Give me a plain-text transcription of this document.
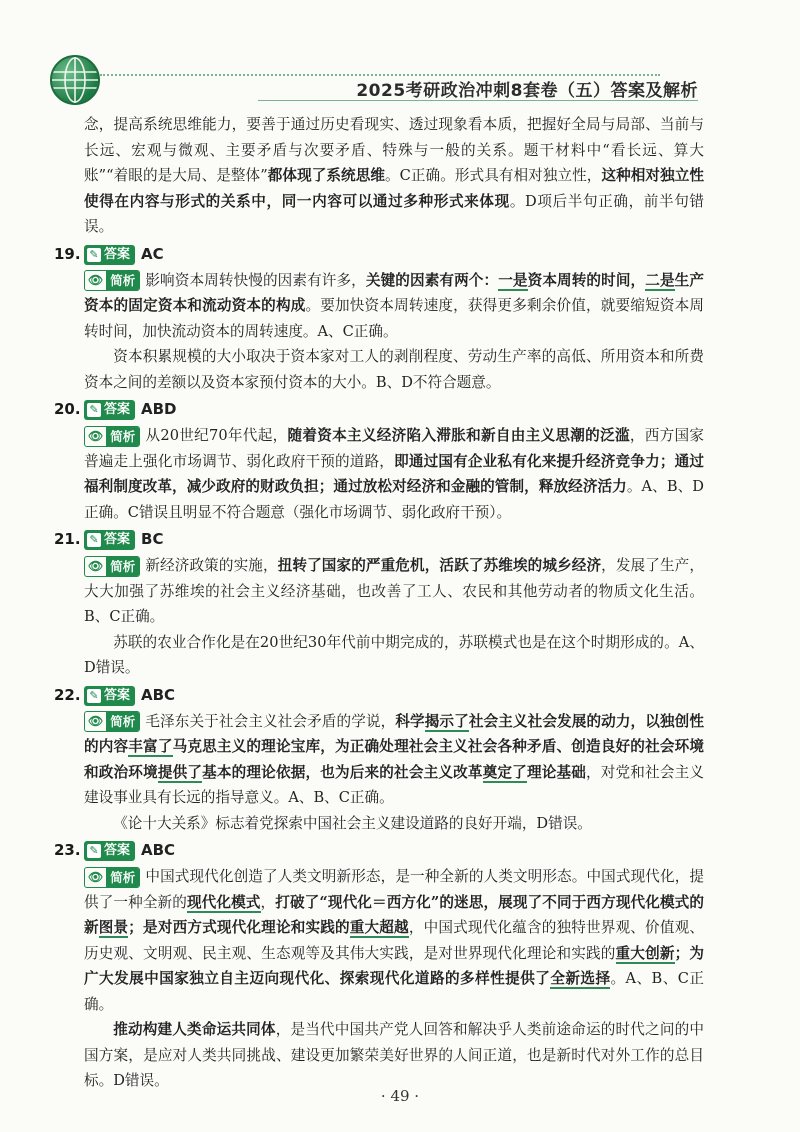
2025考研政治冲刺8套卷（五）答案及解析

念，提高系统思维能力，要善于通过历史看现实、透过现象看本质，把握好全局与局部、当前与长远、宏观与微观、主要矛盾与次要矛盾、特殊与一般的关系。题干材料中“看长远、算大账”“着眼的是大局、是整体”都体现了系统思维。C正确。形式具有相对独立性，这种相对独立性使得在内容与形式的关系中，同一内容可以通过多种形式来体现。D项后半句正确，前半句错误。

19. ✎ 答案 AC

👁 简析 影响资本周转快慢的因素有许多，关键的因素有两个：一是资本周转的时间，二是生产资本的固定资本和流动资本的构成。要加快资本周转速度，获得更多剩余价值，就要缩短资本周转时间，加快流动资本的周转速度。A、C正确。

资本积累规模的大小取决于资本家对工人的剥削程度、劳动生产率的高低、所用资本和所费资本之间的差额以及资本家预付资本的大小。B、D不符合题意。

20. ✎ 答案 ABD

👁 简析 从20世纪70年代起，随着资本主义经济陷入滞胀和新自由主义思潮的泛滥，西方国家普遍走上强化市场调节、弱化政府干预的道路，即通过国有企业私有化来提升经济竞争力；通过福利制度改革，减少政府的财政负担；通过放松对经济和金融的管制，释放经济活力。A、B、D正确。C错误且明显不符合题意（强化市场调节、弱化政府干预）。

21. ✎ 答案 BC

👁 简析 新经济政策的实施，扭转了国家的严重危机，活跃了苏维埃的城乡经济，发展了生产，大大加强了苏维埃的社会主义经济基础，也改善了工人、农民和其他劳动者的物质文化生活。B、C正确。

苏联的农业合作化是在20世纪30年代前中期完成的，苏联模式也是在这个时期形成的。A、D错误。

22. ✎ 答案 ABC

👁 简析 毛泽东关于社会主义社会矛盾的学说，科学揭示了社会主义社会发展的动力，以独创性的内容丰富了马克思主义的理论宝库，为正确处理社会主义社会各种矛盾、创造良好的社会环境和政治环境提供了基本的理论依据，也为后来的社会主义改革奠定了理论基础，对党和社会主义建设事业具有长远的指导意义。A、B、C正确。

《论十大关系》标志着党探索中国社会主义建设道路的良好开端，D错误。

23. ✎ 答案 ABC

👁 简析 中国式现代化创造了人类文明新形态，是一种全新的人类文明形态。中国式现代化，提供了一种全新的现代化模式，打破了“现代化＝西方化”的迷思，展现了不同于西方现代化模式的新图景；是对西方式现代化理论和实践的重大超越，中国式现代化蕴含的独特世界观、价值观、历史观、文明观、民主观、生态观等及其伟大实践，是对世界现代化理论和实践的重大创新；为广大发展中国家独立自主迈向现代化、探索现代化道路的多样性提供了全新选择。A、B、C正确。

推动构建人类命运共同体，是当代中国共产党人回答和解决乎人类前途命运的时代之问的中国方案，是应对人类共同挑战、建设更加繁荣美好世界的人间正道，也是新时代对外工作的总目标。D错误。

· 49 ·
